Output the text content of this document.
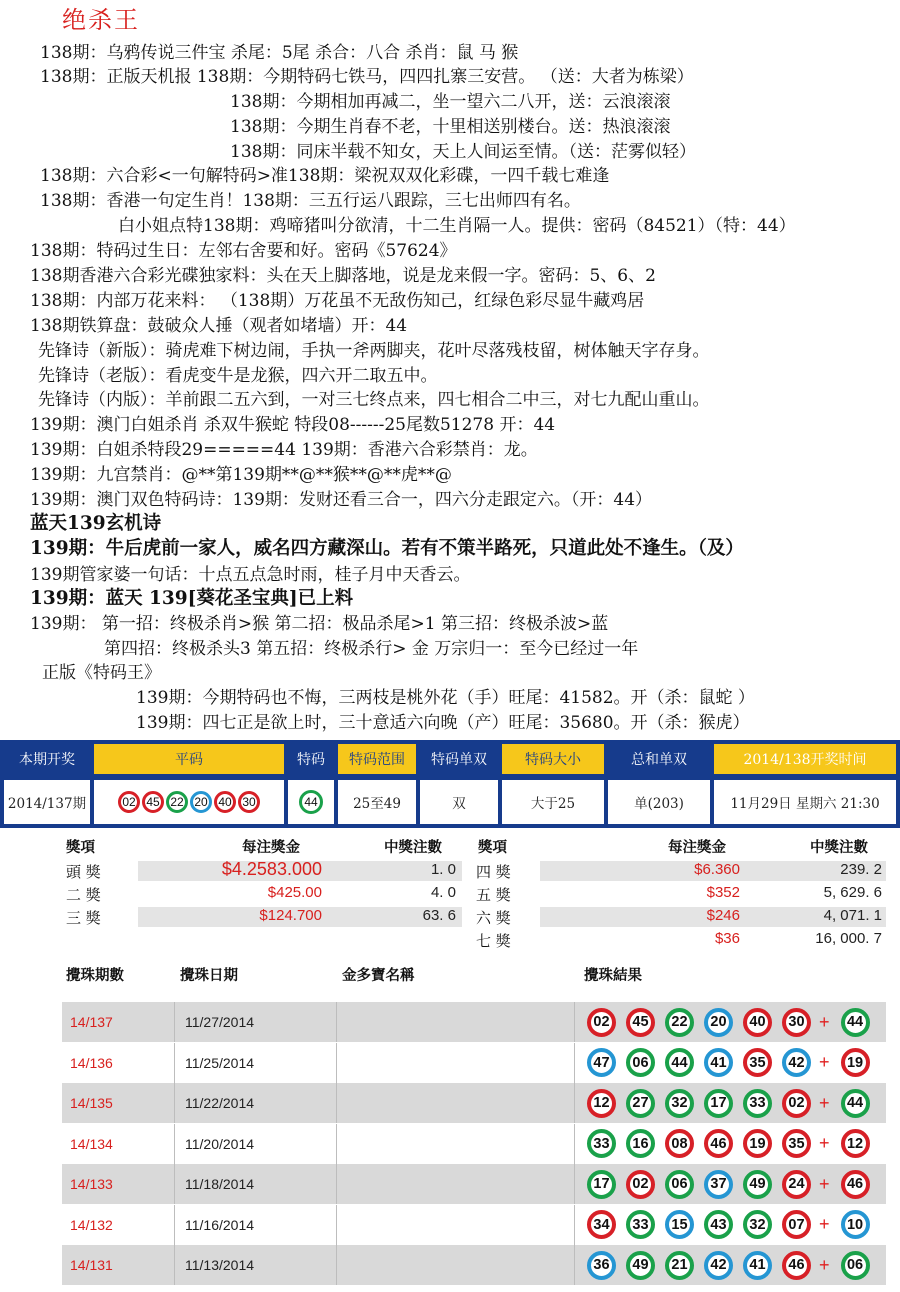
绝杀王
138期：乌鸦传说三件宝 杀尾：5尾 杀合：八合 杀肖：鼠 马 猴
138期：正版天机报 138期：今期特码七铁马，四四扎寨三安营。 （送：大者为栋梁）
138期：今期相加再减二，坐一望六二八开，送：云浪滚滚
138期：今期生肖春不老，十里相送别楼台。送：热浪滚滚
138期：同床半载不知女，天上人间运至情。（送：茫雾似轻）
138期：六合彩<一句解特码>准138期：梁祝双双化彩碟，一四千载七难逢
138期：香港一句定生肖！138期：三五行运八跟踪，三七出师四有名。
白小姐点特138期：鸡啼猪叫分欲清，十二生肖隔一人。提供：密码（84521）（特：44）
138期：特码过生日：左邻右舍要和好。密码《57624》
138期香港六合彩光碟独家料：头在天上脚落地，说是龙来假一字。密码：5、6、2
138期：内部万花来料： （138期）万花虽不无敌伤知己，红绿色彩尽显牛藏鸡居
138期铁算盘：鼓破众人捶（观者如堵墙）开：44
先锋诗（新版）：骑虎难下树边闹，手执一斧两脚夹，花叶尽落残枝留，树体触天字存身。
先锋诗（老版）：看虎变牛是龙猴，四六开二取五中。
先锋诗（内版）：羊前跟二五六到，一对三七终点来，四七相合二中三，对七九配山重山。
139期：澳门白姐杀肖 杀双牛猴蛇 特段08------25尾数51278 开：44
139期：白姐杀特段29=====44 139期：香港六合彩禁肖：龙。
139期：九宫禁肖：@**第139期**@**猴**@**虎**@
139期：澳门双色特码诗：139期：发财还看三合一，四六分走跟定六。（开：44）
蓝天139玄机诗
139期：牛后虎前一家人，威名四方藏深山。若有不策半路死，只道此处不逢生。（及）
139期管家婆一句话：十点五点急时雨，桂子月中天香云。
139期：蓝天 139[葵花圣宝典]已上料
139期： 第一招：终极杀肖>猴 第二招：极品杀尾>1 第三招：终极杀波>蓝
第四招：终极杀头3 第五招：终极杀行> 金 万宗归一：至今已经过一年
正版《特码王》
139期：今期特码也不悔，三两枝是桃外花（手）旺尾：41582。开（杀：鼠蛇 ）
139期：四七正是欲上时，三十意适六向晚（产）旺尾：35680。开（杀：猴虎）
本期开奖	平码	特码	特码范围	特码单双	特码大小	总和单双	2014/138开奖时间
2014/137期	02 45 22 20 40 30	44	25至49	双	大于25	单(203)	11月29日 星期六 21:30
獎項	每注獎金	中獎注數
頭 獎	$4.2583.000	1. 0
二 獎	$425.00	4. 0
三 獎	$124.700	63. 6
獎項	每注獎金	中獎注數
四 獎	$6.360	239. 2
五 獎	$352	5, 629. 6
六 獎	$246	4, 071. 1
七 獎	$36	16, 000. 7
攪珠期數	攪珠日期	金多寶名稱	攪珠結果
14/137	11/27/2014	02	45	22	20	40	30 +	44
14/136	11/25/2014	47	06	44	41	35	42 +	19
14/135	11/22/2014	12	27	32	17	33	02 +	44
14/134	11/20/2014	33	16	08	46	19	35 +	12
14/133	11/18/2014	17	02	06	37	49	24 +	46
14/132	11/16/2014	34	33	15	43	32	07 +	10
14/131	11/13/2014	36	49	21	42	41	46 +	06
